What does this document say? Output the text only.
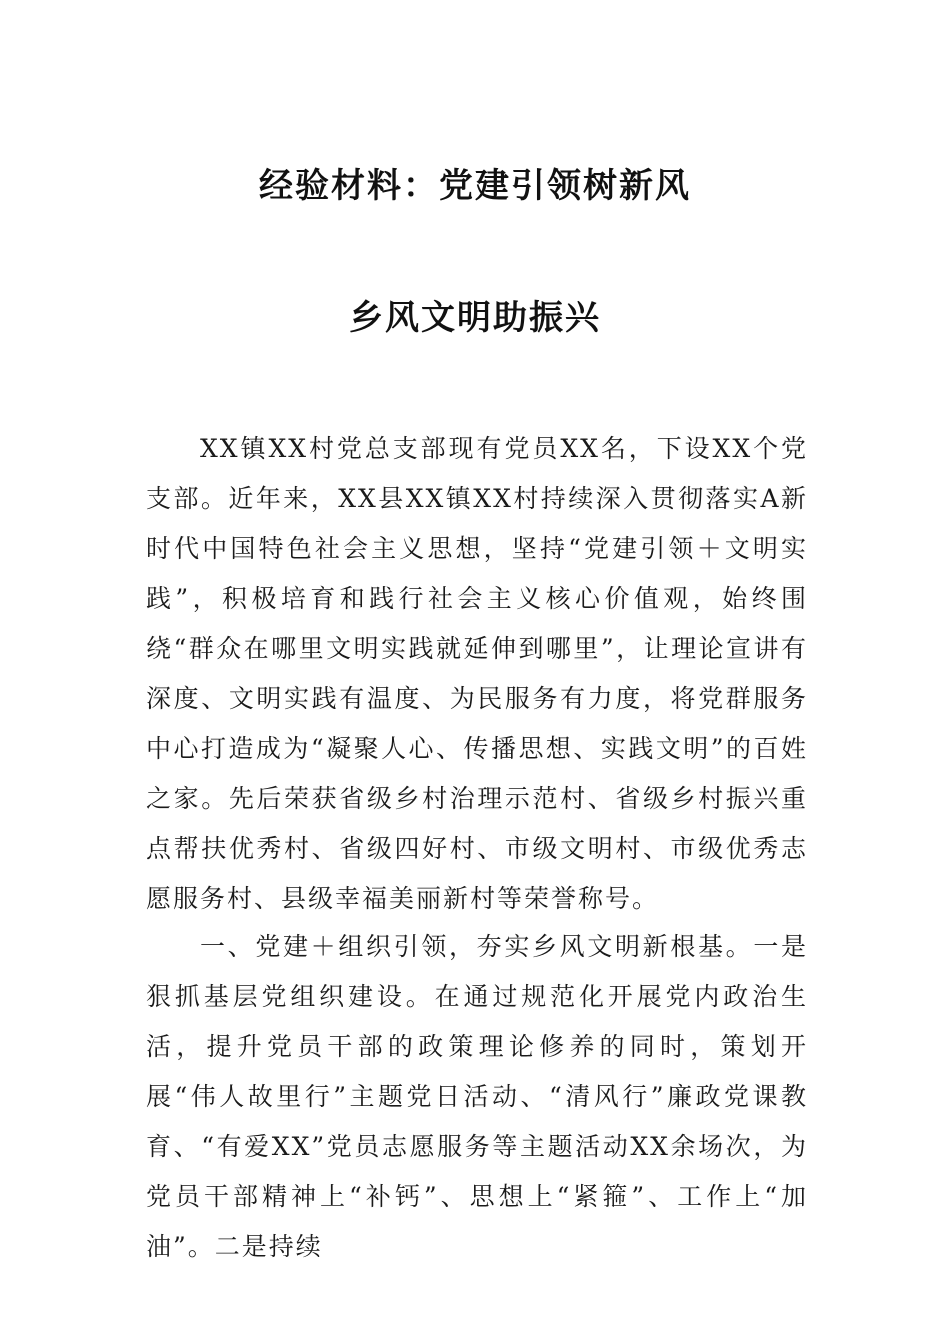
经验材料：党建引领树新风
乡风文明助振兴

XX镇XX村党总支部现有党员XX名，下设XX个党支部。近年来，XX县XX镇XX村持续深入贯彻落实A新时代中国特色社会主义思想，坚持“党建引领＋文明实践”，积极培育和践行社会主义核心价值观，始终围绕“群众在哪里文明实践就延伸到哪里”，让理论宣讲有深度、文明实践有温度、为民服务有力度，将党群服务中心打造成为“凝聚人心、传播思想、实践文明”的百姓之家。先后荣获省级乡村治理示范村、省级乡村振兴重点帮扶优秀村、省级四好村、市级文明村、市级优秀志愿服务村、县级幸福美丽新村等荣誉称号。

一、党建＋组织引领，夯实乡风文明新根基。一是狠抓基层党组织建设。在通过规范化开展党内政治生活，提升党员干部的政策理论修养的同时，策划开展“伟人故里行”主题党日活动、“清风行”廉政党课教育、“有爱XX”党员志愿服务等主题活动XX余场次，为党员干部精神上“补钙”、思想上“紧箍”、工作上“加油”。二是持续
